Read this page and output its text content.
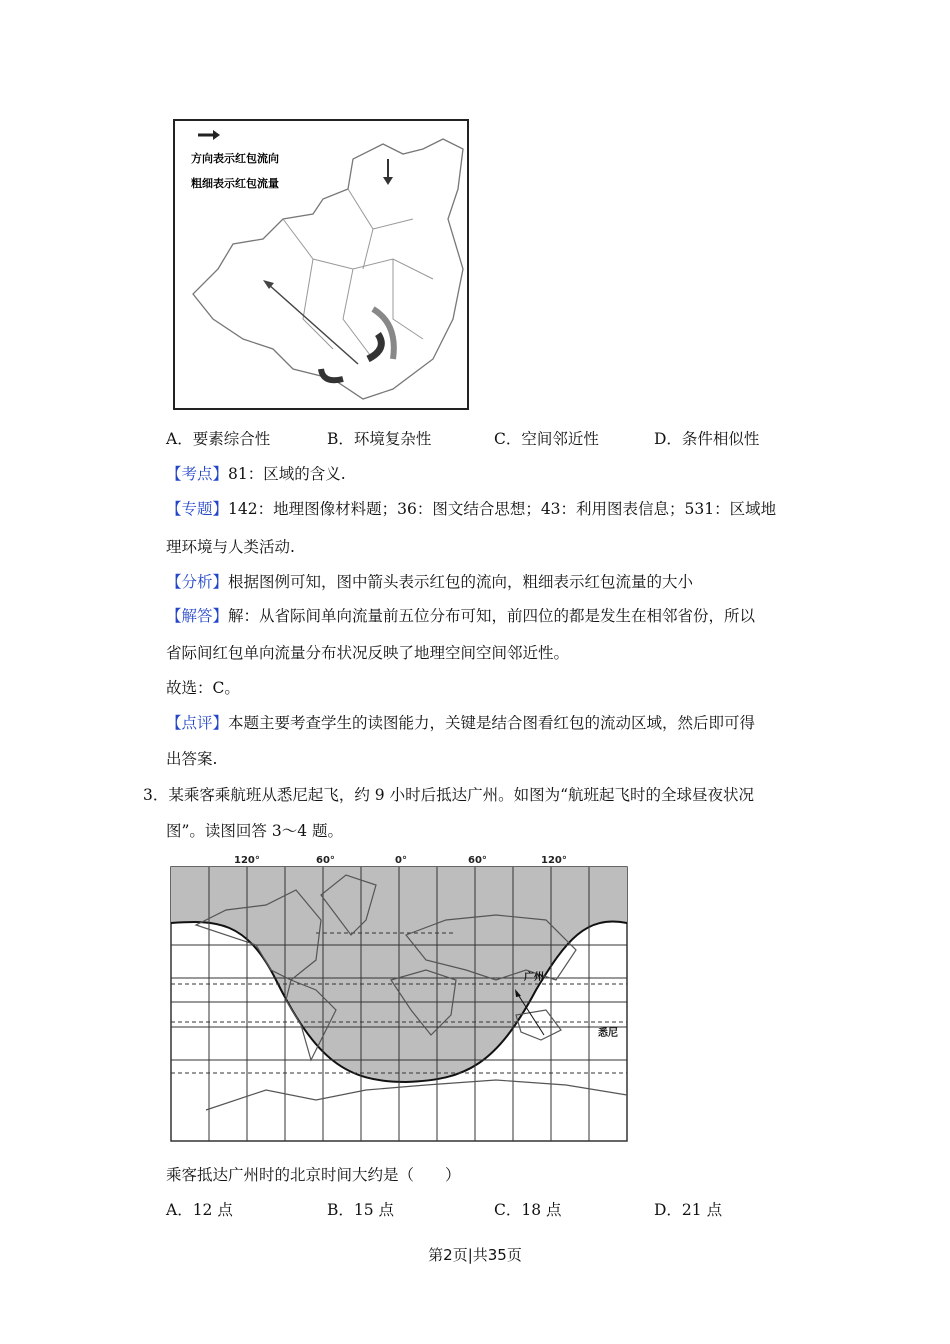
方向表示红包流向
粗细表示红包流量
A．要素综合性	B．环境复杂性	C．空间邻近性	D．条件相似性
【考点】81：区域的含义.
【专题】142：地理图像材料题；36：图文结合思想；43：利用图表信息；531：区域地
理环境与人类活动.
【分析】根据图例可知，图中箭头表示红包的流向，粗细表示红包流量的大小
【解答】解：从省际间单向流量前五位分布可知，前四位的都是发生在相邻省份，所以
省际间红包单向流量分布状况反映了地理空间空间邻近性。
故选：C。
【点评】本题主要考查学生的读图能力，关键是结合图看红包的流动区域，然后即可得
出答案.
3．某乘客乘航班从悉尼起飞，约 9 小时后抵达广州。如图为“航班起飞时的全球昼夜状况
图”。读图回答 3～4 题。
120°	60°	0°	60°	120°
广州
悉尼
乘客抵达广州时的北京时间大约是（　　）
A．12 点	B．15 点	C．18 点	D．21 点
第2页|共35页
